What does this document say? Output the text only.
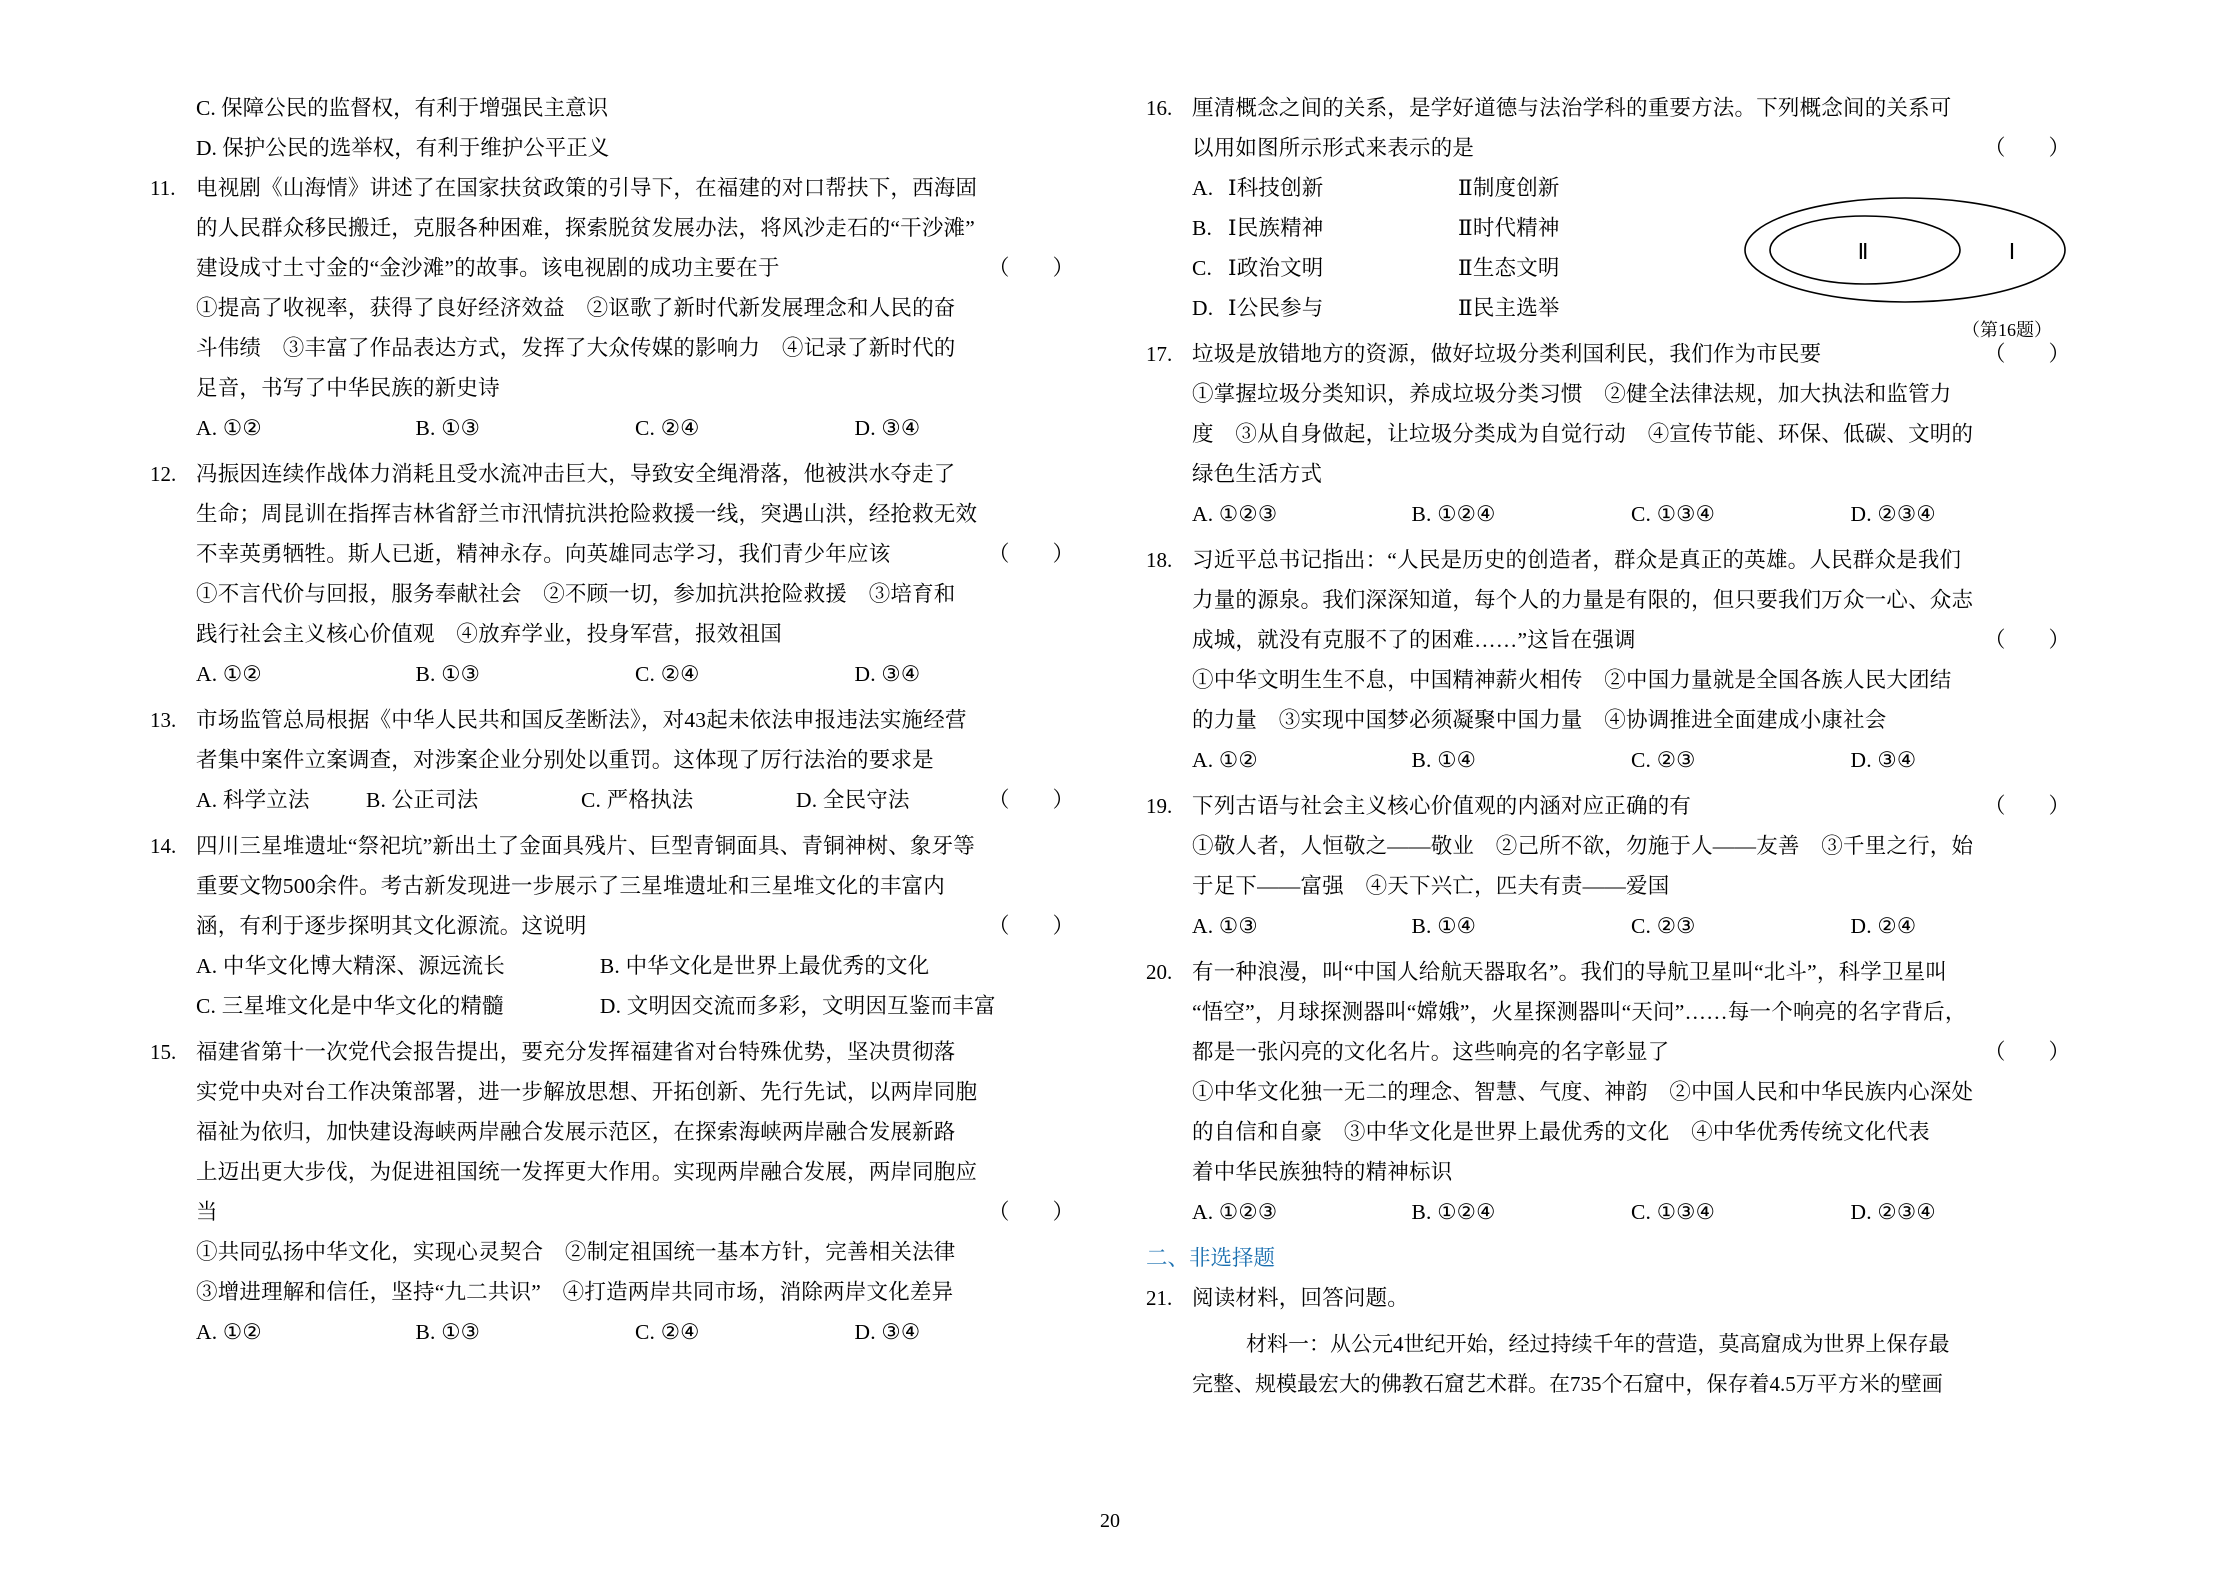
C. 保障公民的监督权，有利于增强民主意识
D. 保护公民的选举权，有利于维护公平正义
11. 电视剧《山海情》讲述了在国家扶贫政策的引导下，在福建的对口帮扶下，西海固

的人民群众移民搬迁，克服各种困难，探索脱贫发展办法，将风沙走石的“干沙滩”

（　　）
建设成寸土寸金的“金沙滩”的故事。该电视剧的成功主要在于

①提高了收视率，获得了良好经济效益　②讴歌了新时代新发展理念和人民的奋

斗伟绩　③丰富了作品表达方式，发挥了大众传媒的影响力　④记录了新时代的

足音，书写了中华民族的新史诗

A. ①②	B. ①③	C. ②④	D. ③④
12. 冯振因连续作战体力消耗且受水流冲击巨大，导致安全绳滑落，他被洪水夺走了

生命；周昆训在指挥吉林省舒兰市汛情抗洪抢险救援一线，突遇山洪，经抢救无效

（　　）
不幸英勇牺牲。斯人已逝，精神永存。向英雄同志学习，我们青少年应该

①不言代价与回报，服务奉献社会　②不顾一切，参加抗洪抢险救援　③培育和

践行社会主义核心价值观　④放弃学业，投身军营，报效祖国

A. ①②	B. ①③	C. ②④	D. ③④
13. 市场监管总局根据《中华人民共和国反垄断法》，对43起未依法申报违法实施经营

者集中案件立案调查，对涉案企业分别处以重罚。这体现了厉行法治的要求是

（　　）

A. 科学立法	B. 公正司法	C. 严格执法	D. 全民守法
14. 四川三星堆遗址“祭祀坑”新出土了金面具残片、巨型青铜面具、青铜神树、象牙等

重要文物500余件。考古新发现进一步展示了三星堆遗址和三星堆文化的丰富内

（　　）
涵，有利于逐步探明其文化源流。这说明

A. 中华文化博大精深、源远流长	B. 中华文化是世界上最优秀的文化
C. 三星堆文化是中华文化的精髓	D. 文明因交流而多彩，文明因互鉴而丰富
15. 福建省第十一次党代会报告提出，要充分发挥福建省对台特殊优势，坚决贯彻落

实党中央对台工作决策部署，进一步解放思想、开拓创新、先行先试，以两岸同胞

福祉为依归，加快建设海峡两岸融合发展示范区，在探索海峡两岸融合发展新路

上迈出更大步伐，为促进祖国统一发挥更大作用。实现两岸融合发展，两岸同胞应

（　　）
当

①共同弘扬中华文化，实现心灵契合　②制定祖国统一基本方针，完善相关法律

③增进理解和信任，坚持“九二共识”　④打造两岸共同市场，消除两岸文化差异

A. ①②	B. ①③	C. ②④	D. ③④
16. 厘清概念之间的关系，是学好道德与法治学科的重要方法。下列概念间的关系可

（　　）
以用如图所示形式来表示的是

A. Ⅰ科技创新	Ⅱ制度创新
B. Ⅰ民族精神	Ⅱ时代精神
C. Ⅰ政治文明	Ⅱ生态文明
D. Ⅰ公民参与	Ⅱ民主选举
Ⅱ	Ⅰ
（第16题）
17.	（　　）
垃圾是放错地方的资源，做好垃圾分类利国利民，我们作为市民要

①掌握垃圾分类知识，养成垃圾分类习惯　②健全法律法规，加大执法和监管力

度　③从自身做起，让垃圾分类成为自觉行动　④宣传节能、环保、低碳、文明的

绿色生活方式

A. ①②③	B. ①②④	C. ①③④	D. ②③④
18. 习近平总书记指出：“人民是历史的创造者，群众是真正的英雄。人民群众是我们

力量的源泉。我们深深知道，每个人的力量是有限的，但只要我们万众一心、众志

（　　）
成城，就没有克服不了的困难……”这旨在强调

①中华文明生生不息，中国精神薪火相传　②中国力量就是全国各族人民大团结

的力量　③实现中国梦必须凝聚中国力量　④协调推进全面建成小康社会

A. ①②	B. ①④	C. ②③	D. ③④
19.	（　　）
下列古语与社会主义核心价值观的内涵对应正确的有

①敬人者，人恒敬之——敬业　②己所不欲，勿施于人——友善　③千里之行，始

于足下——富强　④天下兴亡，匹夫有责——爱国

A. ①③	B. ①④	C. ②③	D. ②④
20. 有一种浪漫，叫“中国人给航天器取名”。我们的导航卫星叫“北斗”，科学卫星叫

“悟空”，月球探测器叫“嫦娥”，火星探测器叫“天问”……每一个响亮的名字背后，

（　　）
都是一张闪亮的文化名片。这些响亮的名字彰显了

①中华文化独一无二的理念、智慧、气度、神韵　②中国人民和中华民族内心深处

的自信和自豪　③中华文化是世界上最优秀的文化　④中华优秀传统文化代表

着中华民族独特的精神标识

A. ①②③	B. ①②④	C. ①③④	D. ②③④
二、非选择题
21. 阅读材料，回答问题。

材料一：从公元4世纪开始，经过持续千年的营造，莫高窟成为世界上保存最
完整、规模最宏大的佛教石窟艺术群。在735个石窟中，保存着4.5万平方米的壁画
20
